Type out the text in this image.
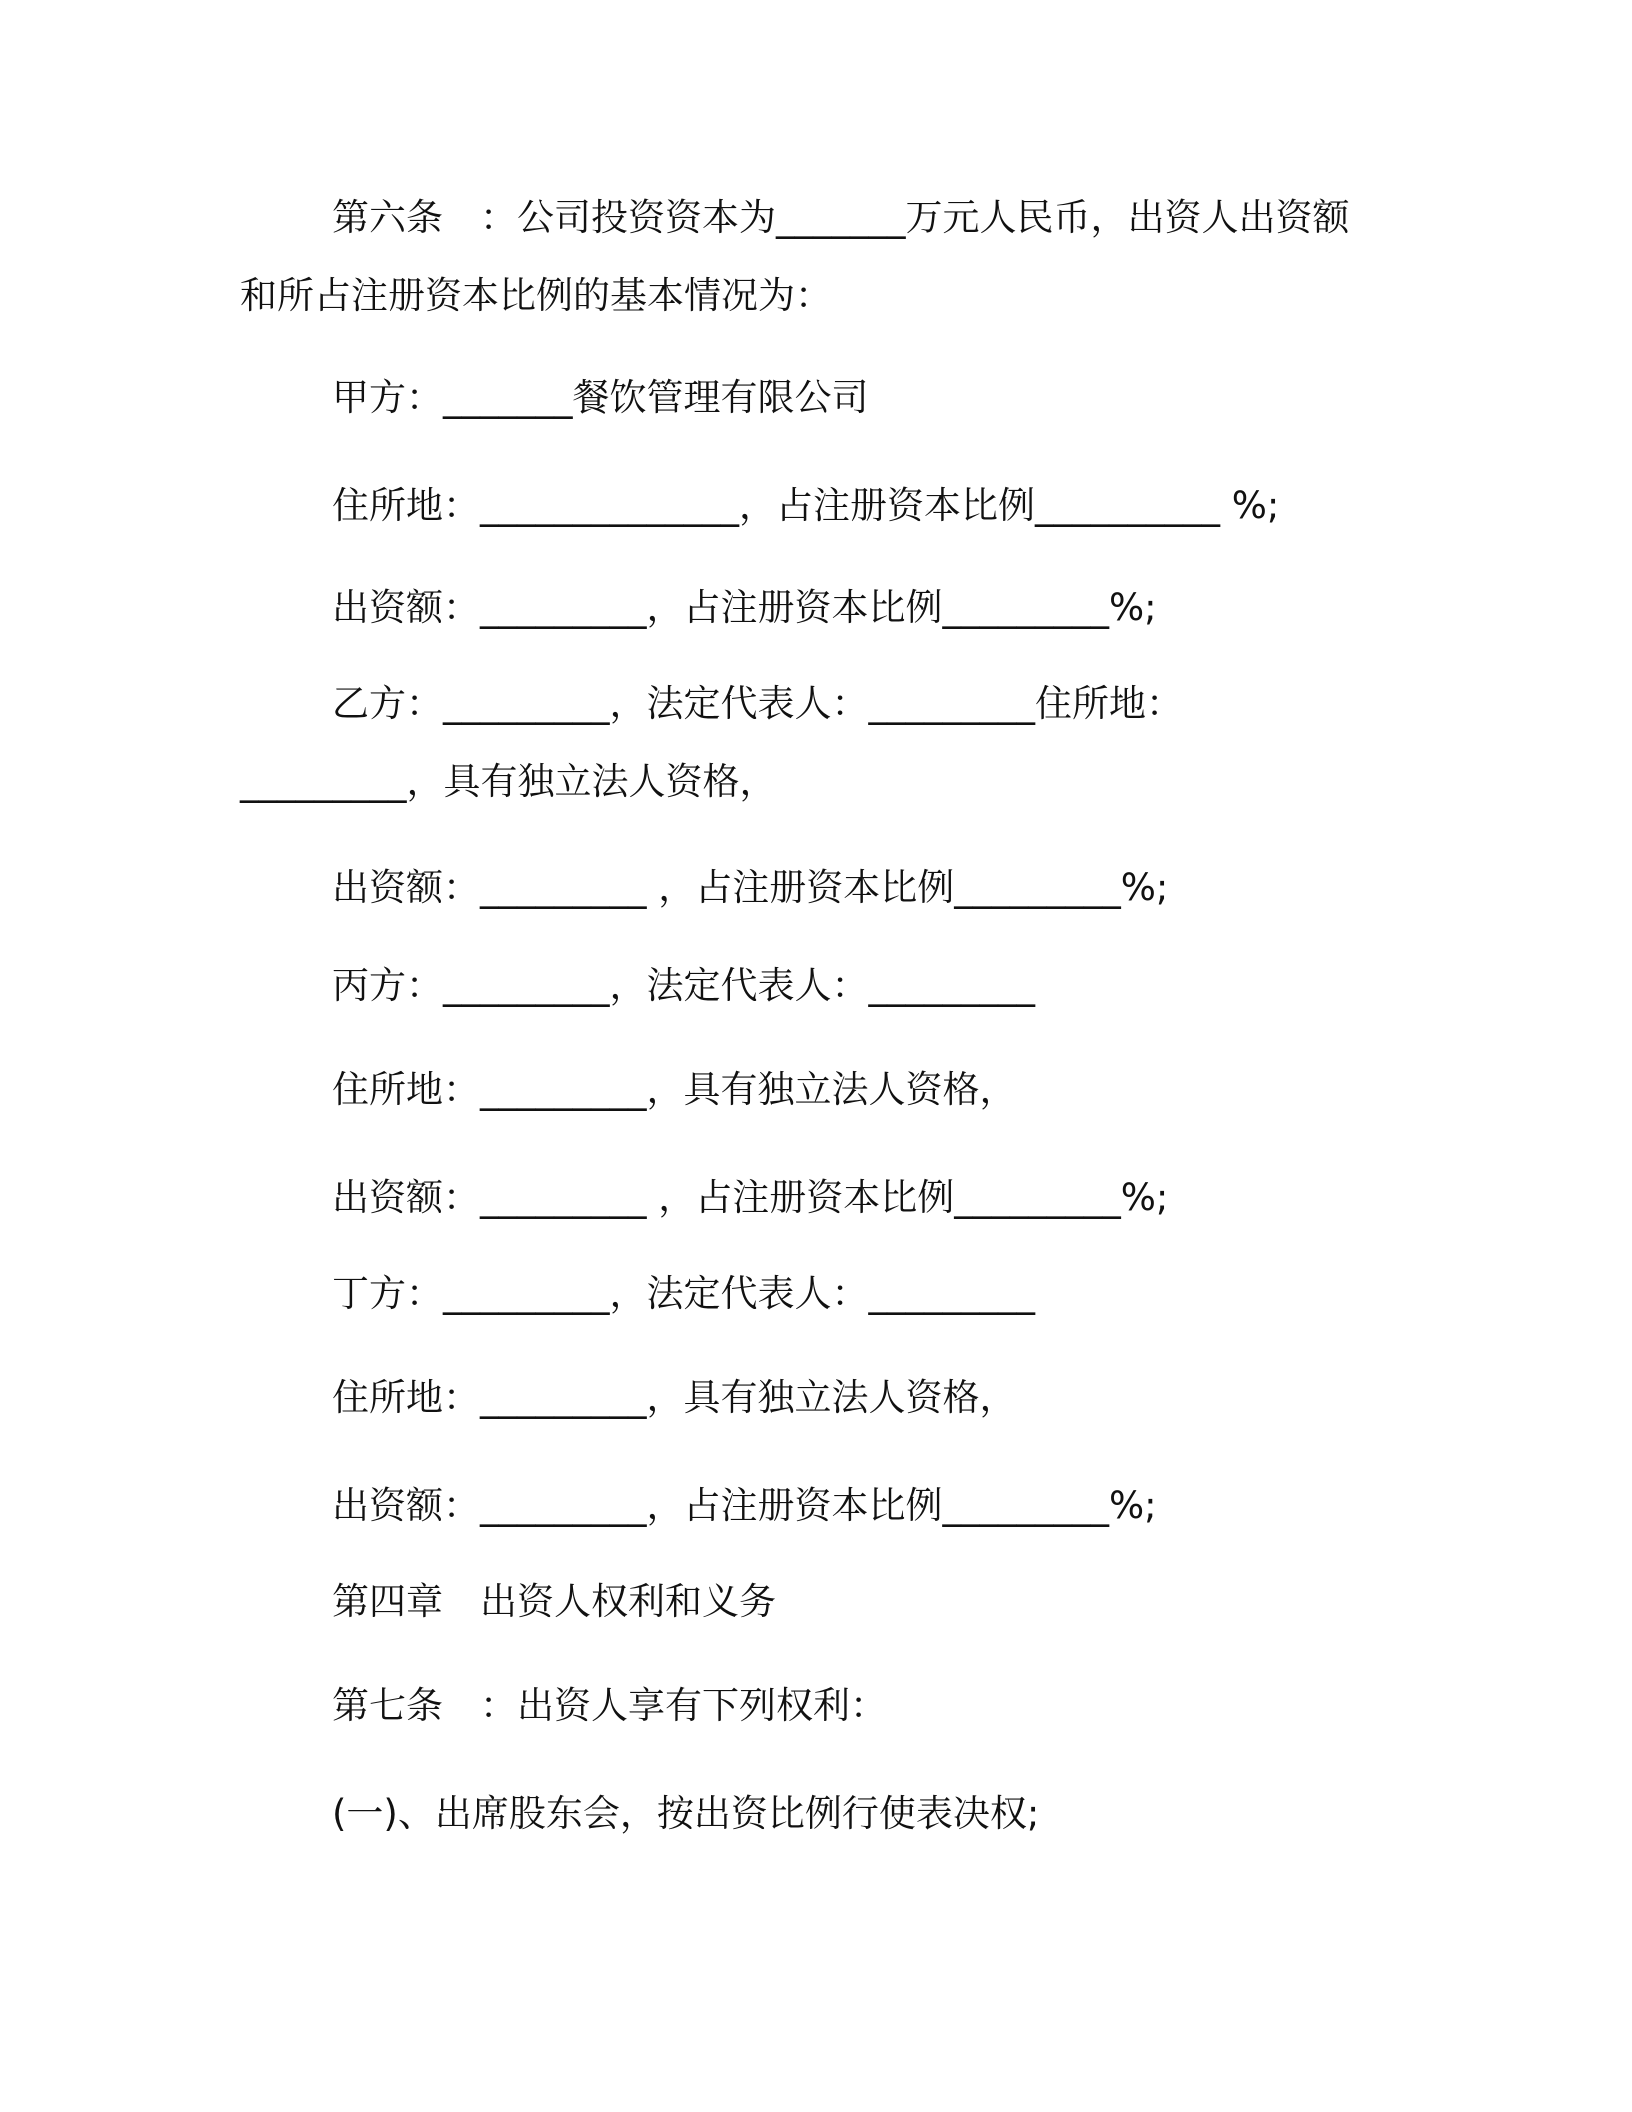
第六条　：公司投资资本为_______万元人民币，出资人出资额
和所占注册资本比例的基本情况为：
甲方：_______餐饮管理有限公司
住所地：______________，占注册资本比例__________ %;
出资额：_________，占注册资本比例_________%;
乙方：_________，法定代表人：_________住所地：
_________，具有独立法人资格，
出资额：_________ ，占注册资本比例_________%;
丙方：_________，法定代表人：_________
住所地：_________，具有独立法人资格，
出资额：_________ ，占注册资本比例_________%;
丁方：_________，法定代表人：_________
住所地：_________，具有独立法人资格，
出资额：_________，占注册资本比例_________%;
第四章　出资人权利和义务
第七条　：出资人享有下列权利：
(一)、出席股东会，按出资比例行使表决权;
